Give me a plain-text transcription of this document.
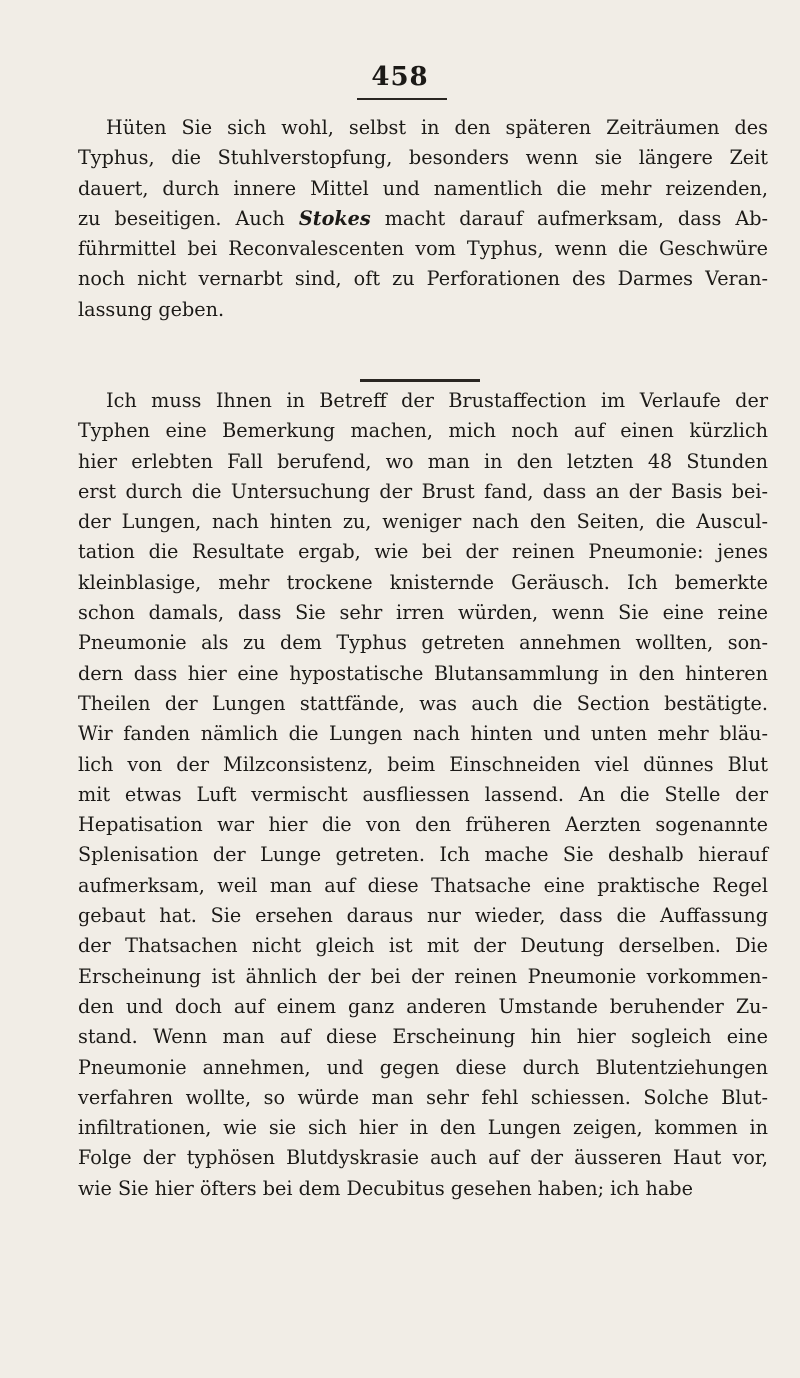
458
Hüten Sie sich wohl, selbst in den späteren Zeiträumen des
Typhus, die Stuhlverstopfung, besonders wenn sie längere Zeit
dauert, durch innere Mittel und namentlich die mehr reizenden,
zu beseitigen. Auch Stokes macht darauf aufmerksam, dass Ab-
führmittel bei Reconvalescenten vom Typhus, wenn die Geschwüre
noch nicht vernarbt sind, oft zu Perforationen des Darmes Veran-
lassung geben.
Ich muss Ihnen in Betreff der Brustaffection im Verlaufe der
Typhen eine Bemerkung machen, mich noch auf einen kürzlich
hier erlebten Fall berufend, wo man in den letzten 48 Stunden
erst durch die Untersuchung der Brust fand, dass an der Basis bei-
der Lungen, nach hinten zu, weniger nach den Seiten, die Auscul-
tation die Resultate ergab, wie bei der reinen Pneumonie: jenes
kleinblasige, mehr trockene knisternde Geräusch. Ich bemerkte
schon damals, dass Sie sehr irren würden, wenn Sie eine reine
Pneumonie als zu dem Typhus getreten annehmen wollten, son-
dern dass hier eine hypostatische Blutansammlung in den hinteren
Theilen der Lungen stattfände, was auch die Section bestätigte.
Wir fanden nämlich die Lungen nach hinten und unten mehr bläu-
lich von der Milzconsistenz, beim Einschneiden viel dünnes Blut
mit etwas Luft vermischt ausfliessen lassend. An die Stelle der
Hepatisation war hier die von den früheren Aerzten sogenannte
Splenisation der Lunge getreten. Ich mache Sie deshalb hierauf
aufmerksam, weil man auf diese Thatsache eine praktische Regel
gebaut hat. Sie ersehen daraus nur wieder, dass die Auffassung
der Thatsachen nicht gleich ist mit der Deutung derselben. Die
Erscheinung ist ähnlich der bei der reinen Pneumonie vorkommen-
den und doch auf einem ganz anderen Umstande beruhender Zu-
stand. Wenn man auf diese Erscheinung hin hier sogleich eine
Pneumonie annehmen, und gegen diese durch Blutentziehungen
verfahren wollte, so würde man sehr fehl schiessen. Solche Blut-
infiltrationen, wie sie sich hier in den Lungen zeigen, kommen in
Folge der typhösen Blutdyskrasie auch auf der äusseren Haut vor,
wie Sie hier öfters bei dem Decubitus gesehen haben; ich habe
